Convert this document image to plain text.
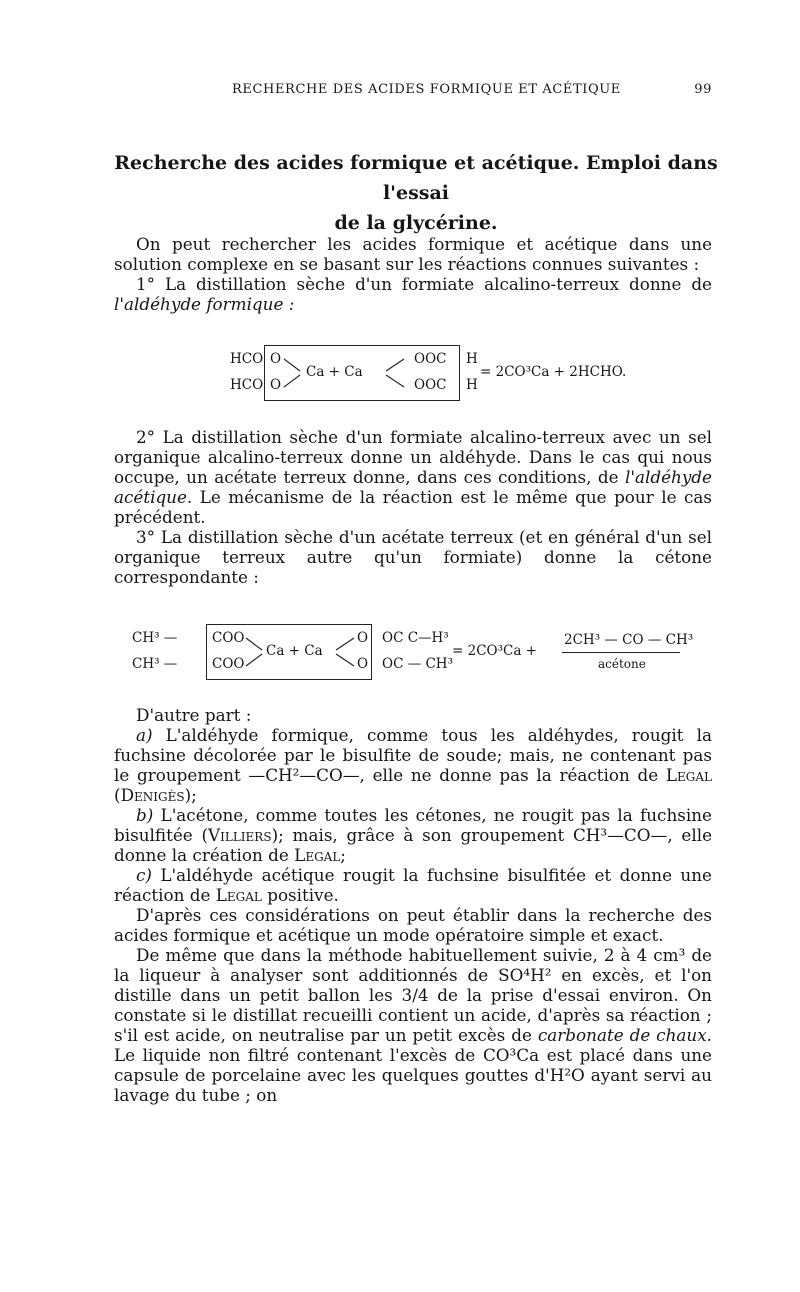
RECHERCHE DES ACIDES FORMIQUE ET ACÉTIQUE	99
Recherche des acides formique et acétique. Emploi dans l'essai
de la glycérine.

On peut rechercher les acides formique et acétique dans une solution complexe en se basant sur les réactions connues suivantes :

1° La distillation sèche d'un formiate alcalino-terreux donne de l'aldéhyde formique :

HCO
HCO
O
O
Ca + Ca
OOC
OOC
H
H
= 2CO³Ca + 2HCHO.

2° La distillation sèche d'un formiate alcalino-terreux avec un sel organique alcalino-terreux donne un aldéhyde. Dans le cas qui nous occupe, un acétate terreux donne, dans ces conditions, de l'aldéhyde acétique. Le mécanisme de la réaction est le même que pour le cas précédent.

3° La distillation sèche d'un acétate terreux (et en général d'un sel organique terreux autre qu'un formiate) donne la cétone correspondante :

CH³ —
CH³ —
COO
COO
Ca + Ca
O
O
OC C—H³
OC — CH³
= 2CO³Ca +
2CH³ — CO — CH³
acétone

D'autre part :

a) L'aldéhyde formique, comme tous les aldéhydes, rougit la fuchsine décolorée par le bisulfite de soude; mais, ne contenant pas le groupement —CH²—CO—, elle ne donne pas la réaction de Legal (Denigès);

b) L'acétone, comme toutes les cétones, ne rougit pas la fuchsine bisulfitée (Villiers); mais, grâce à son groupement CH³—CO—, elle donne la création de Legal;

c) L'aldéhyde acétique rougit la fuchsine bisulfitée et donne une réaction de Legal positive.

D'après ces considérations on peut établir dans la recherche des acides formique et acétique un mode opératoire simple et exact.

De même que dans la méthode habituellement suivie, 2 à 4 cm³ de la liqueur à analyser sont additionnés de SO⁴H² en excès, et l'on distille dans un petit ballon les 3/4 de la prise d'essai environ. On constate si le distillat recueilli contient un acide, d'après sa réaction ; s'il est acide, on neutralise par un petit excès de carbonate de chaux. Le liquide non filtré contenant l'excès de CO³Ca est placé dans une capsule de porcelaine avec les quelques gouttes d'H²O ayant servi au lavage du tube ; on
